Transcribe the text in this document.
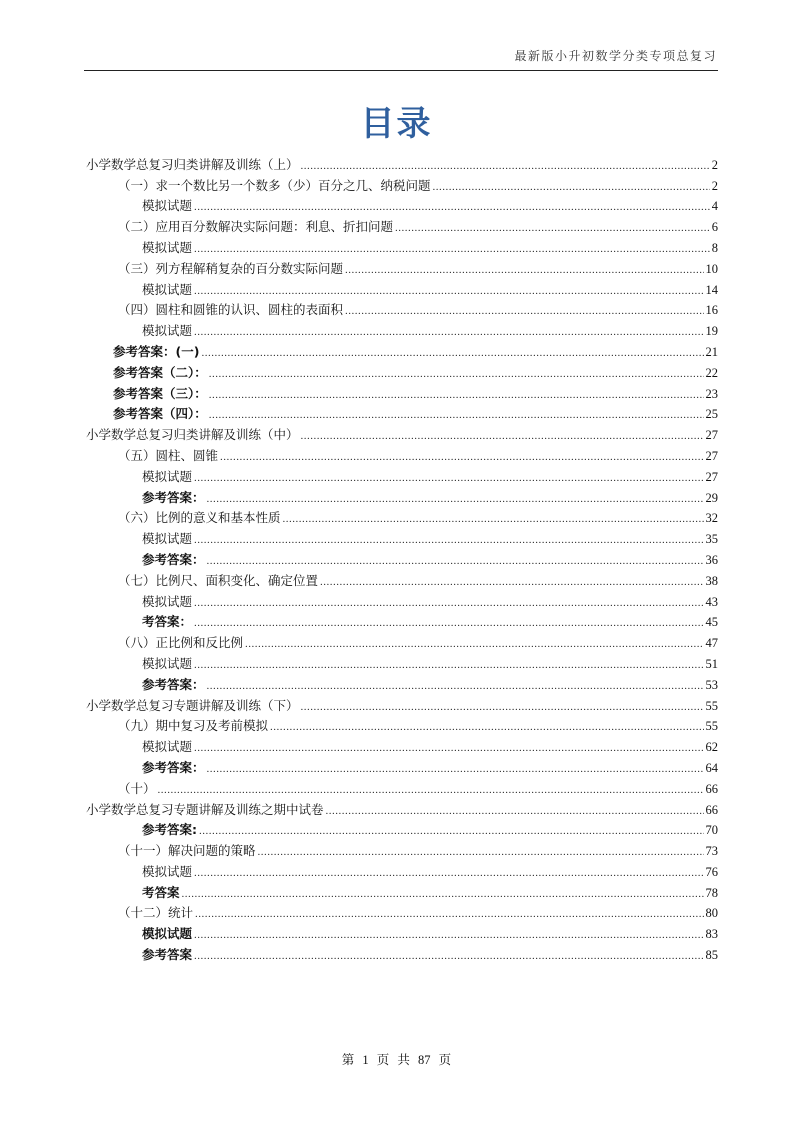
最新版小升初数学分类专项总复习
目录
小学数学总复习归类讲解及训练（上） .....	2
（一）求一个数比另一个数多（少）百分之几、纳税问题 .....	2
模拟试题 .....	4
（二）应用百分数解决实际问题：利息、折扣问题 .....	6
模拟试题 .....	8
（三）列方程解稍复杂的百分数实际问题 .....	10
模拟试题 .....	14
（四）圆柱和圆锥的认识、圆柱的表面积 .....	16
模拟试题 .....	19
参考答案：(一) .....	21
参考答案（二）： .....	22
参考答案（三）： .....	23
参考答案（四）： .....	25
小学数学总复习归类讲解及训练（中） .....	27
（五）圆柱、圆锥 .....	27
模拟试题 .....	27
参考答案： .....	29
（六）比例的意义和基本性质 .....	32
模拟试题 .....	35
参考答案： .....	36
（七）比例尺、面积变化、确定位置 .....	38
模拟试题 .....	43
考答案： .....	45
（八）正比例和反比例 .....	47
模拟试题 .....	51
参考答案： .....	53
小学数学总复习专题讲解及训练（下） .....	55
（九）期中复习及考前模拟 .....	55
模拟试题 .....	62
参考答案： .....	64
（十） .....	66
小学数学总复习专题讲解及训练之期中试卷 .....	66
参考答案: .....	70
（十一）解决问题的策略 .....	73
模拟试题 .....	76
考答案 .....	78
（十二）统计 .....	80
模拟试题 .....	83
参考答案 .....	85
第 1 页 共 87 页
